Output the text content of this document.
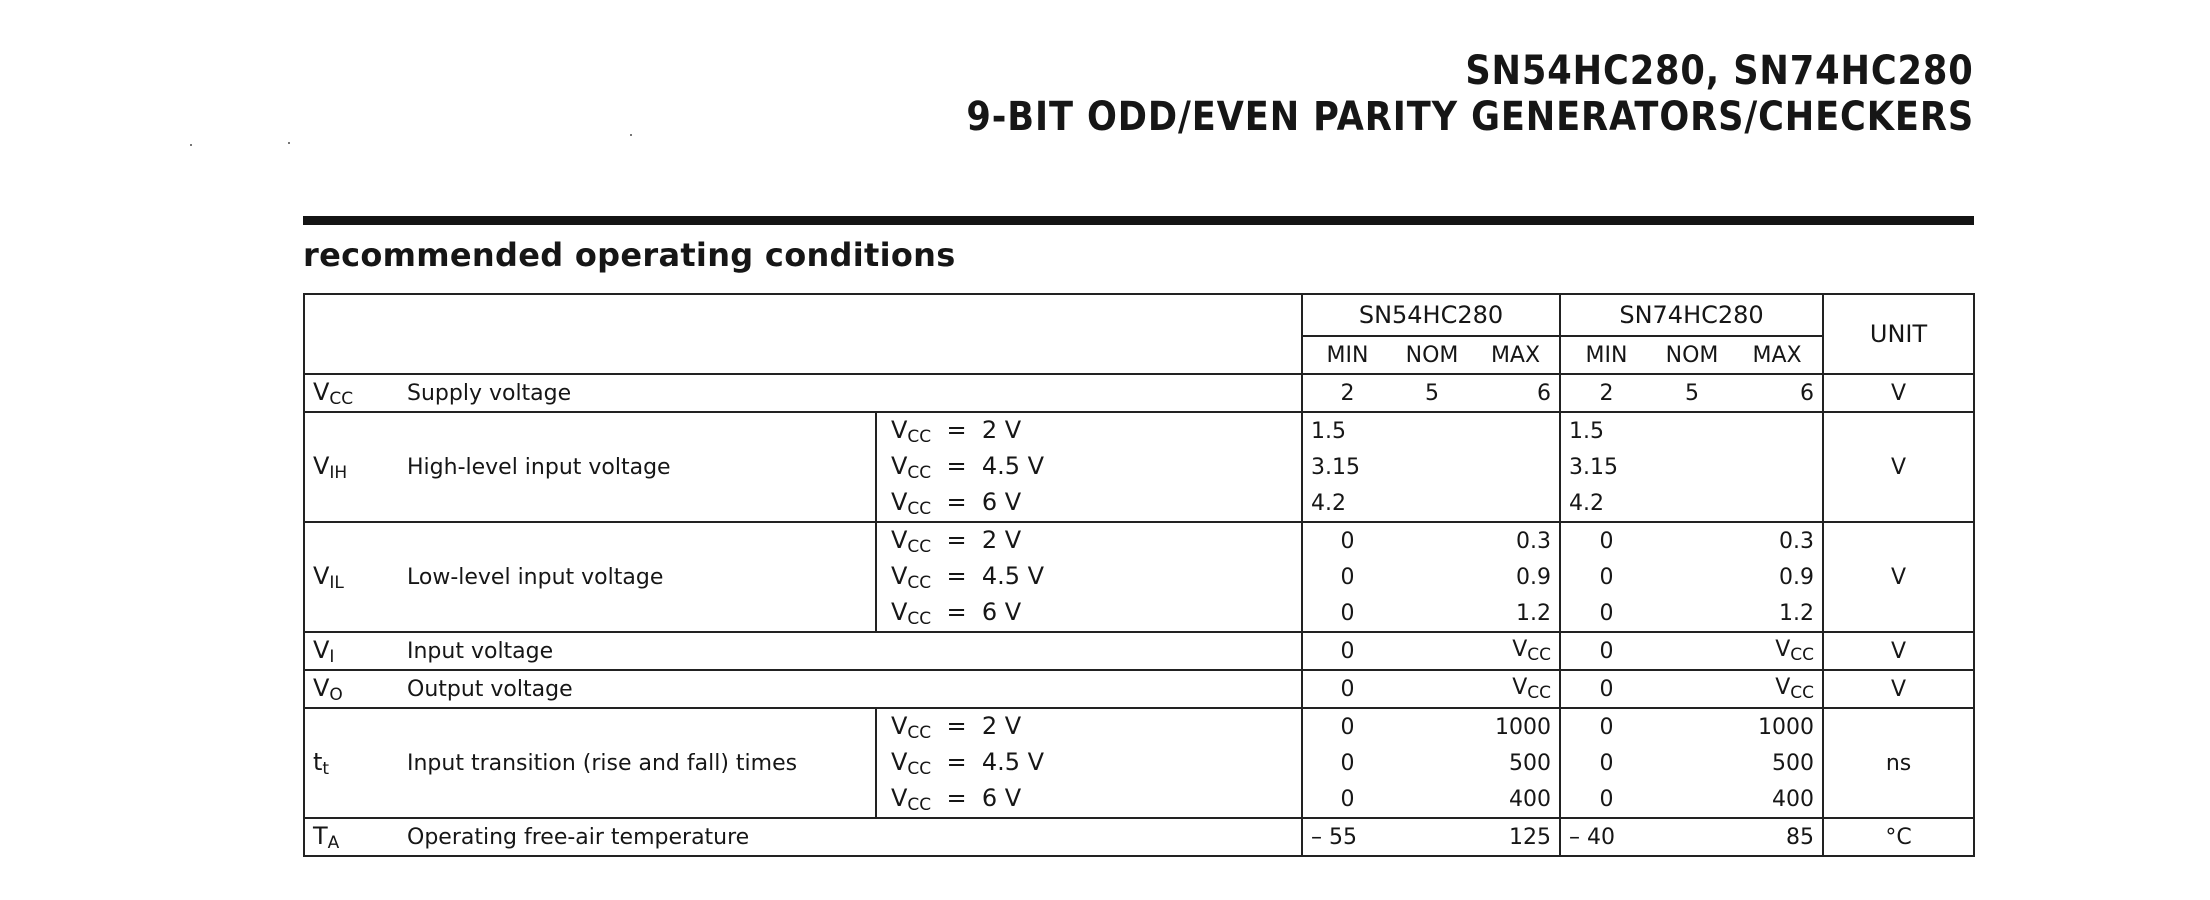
SN54HC280, SN74HC280
9-BIT ODD/EVEN PARITY GENERATORS/CHECKERS
recommended operating conditions
			SN54HC280			SN74HC280			UNIT
			MIN	NOM	MAX	MIN	NOM	MAX	
$V_{CC}$	Supply voltage		2	5	6	2	5	6	V
$V_{IH}$	High-level input voltage	$V_{CC} = 2$ V	1.5			1.5			V
		$V_{CC} = 4.5$ V	3.15			3.15			
		$V_{CC} = 6$ V	4.2			4.2			
$V_{IL}$	Low-level input voltage	$V_{CC} = 2$ V	0		0.3	0		0.3	V
		$V_{CC} = 4.5$ V	0		0.9	0		0.9	
		$V_{CC} = 6$ V	0		1.2	0		1.2	
$V_I$	Input voltage		0		$V_{CC}$	0		$V_{CC}$	V
$V_O$	Output voltage		0		$V_{CC}$	0		$V_{CC}$	V
$t_t$	Input transition (rise and fall) times	$V_{CC} = 2$ V	0		1000	0		1000	ns
		$V_{CC} = 4.5$ V	0		500	0		500	
		$V_{CC} = 6$ V	0		400	0		400	
$T_A$	Operating free-air temperature		– 55		125	– 40		85	°C
